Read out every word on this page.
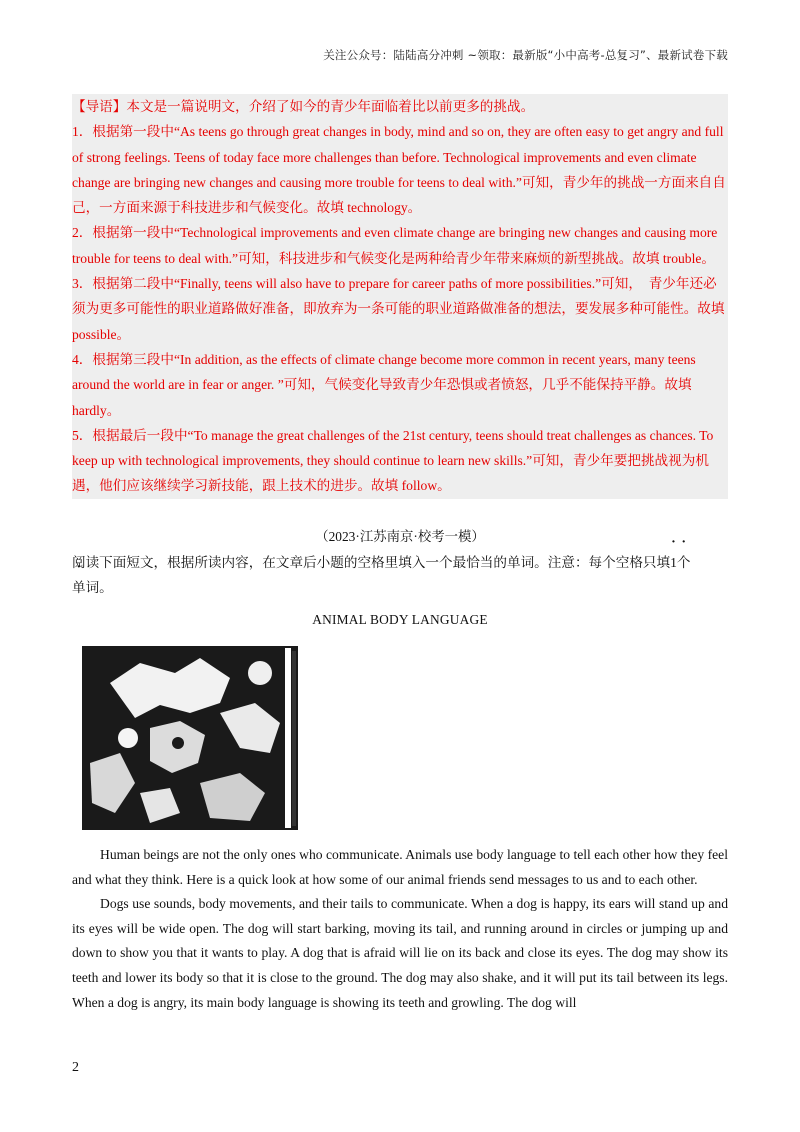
关注公众号：陆陆高分冲刺 ~领取：最新版“小中高考-总复习”、最新试卷下载

【导语】本文是一篇说明文，介绍了如今的青少年面临着比以前更多的挑战。

1．根据第一段中“As teens go through great changes in body, mind and so on, they are often easy to get angry and full of strong feelings. Teens of today face more challenges than before. Technological improvements and even climate change are bringing new changes and causing more trouble for teens to deal with.”可知，青少年的挑战一方面来自自己，一方面来源于科技进步和气候变化。故填 technology。

2．根据第一段中“Technological improvements and even climate change are bringing new changes and causing more trouble for teens to deal with.”可知，科技进步和气候变化是两种给青少年带来麻烦的新型挑战。故填 trouble。

3．根据第二段中“Finally, teens will also have to prepare for career paths of more possibilities.”可知，　青少年还必须为更多可能性的职业道路做好准备，即放弃为一条可能的职业道路做准备的想法，要发展多种可能性。故填 possible。

4．根据第三段中“In addition, as the effects of climate change become more common in recent years, many teens around the world are in fear or anger. ”可知，气候变化导致青少年恐惧或者愤怒，几乎不能保持平静。故填 hardly。

5．根据最后一段中“To manage the great challenges of the 21st century, teens should treat challenges as chances. To keep up with technological improvements, they should continue to learn new skills.”可知，青少年要把挑战视为机遇，他们应该继续学习新技能，跟上技术的进步。故填 follow。

（2023·江苏南京·校考一模）
阅读下面短文，根据所读内容，在文章后小题的空格里填入一个最恰当的单词。注意：每个空格只填· 1个
单词。
ANIMAL BODY LANGUAGE

Human beings are not the only ones who communicate. Animals use body language to tell each other how they feel and what they think. Here is a quick look at how some of our animal friends send messages to us and to each other.

Dogs use sounds, body movements, and their tails to communicate. When a dog is happy, its ears will stand up and its eyes will be wide open. The dog will start barking, moving its tail, and running around in circles or jumping up and down to show you that it wants to play. A dog that is afraid will lie on its back and close its eyes. The dog may show its teeth and lower its body so that it is close to the ground. The dog may also shake, and it will put its tail between its legs. When a dog is angry, its main body language is showing its teeth and growling. The dog will

2
